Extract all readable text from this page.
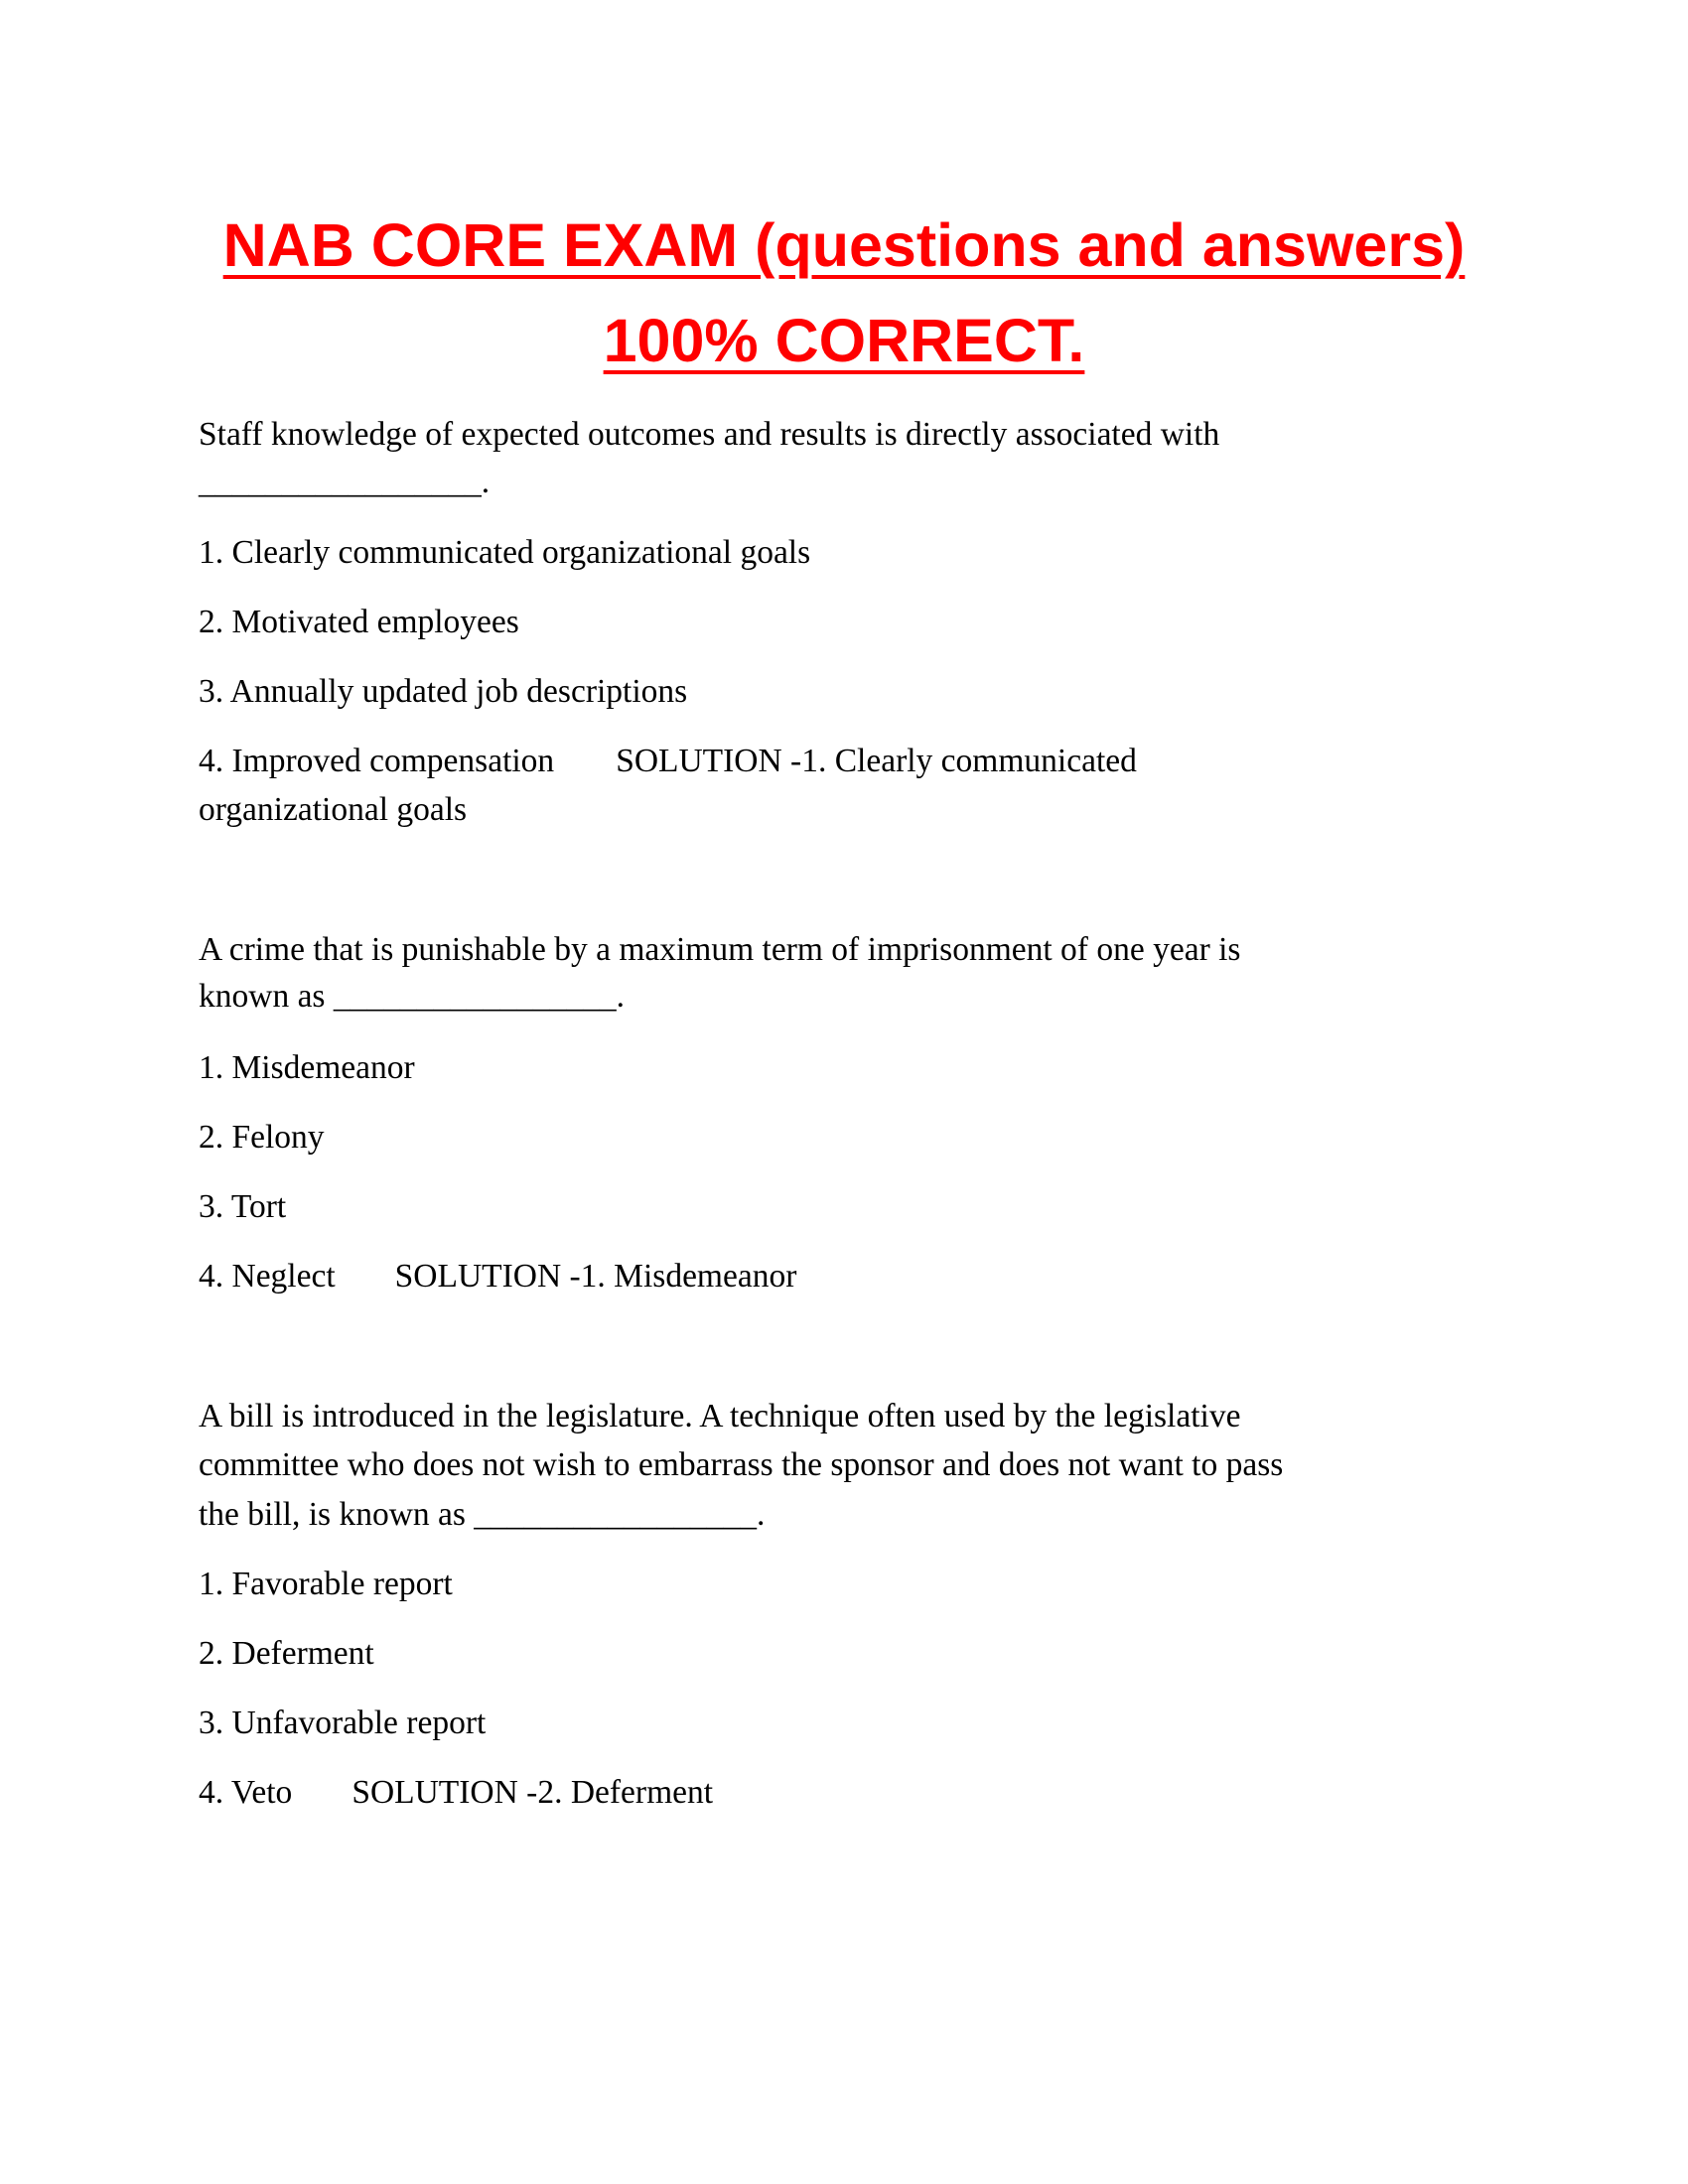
NAB CORE EXAM (questions and answers)
100% CORRECT.
Staff knowledge of expected outcomes and results is directly associated with
_________________.
1. Clearly communicated organizational goals
2. Motivated employees
3. Annually updated job descriptions
4. Improved compensation SOLUTION -1. Clearly communicated
organizational goals
A crime that is punishable by a maximum term of imprisonment of one year is
known as _________________.
1. Misdemeanor
2. Felony
3. Tort
4. Neglect SOLUTION -1. Misdemeanor
A bill is introduced in the legislature. A technique often used by the legislative
committee who does not wish to embarrass the sponsor and does not want to pass
the bill, is known as _________________.
1. Favorable report
2. Deferment
3. Unfavorable report
4. Veto SOLUTION -2. Deferment
